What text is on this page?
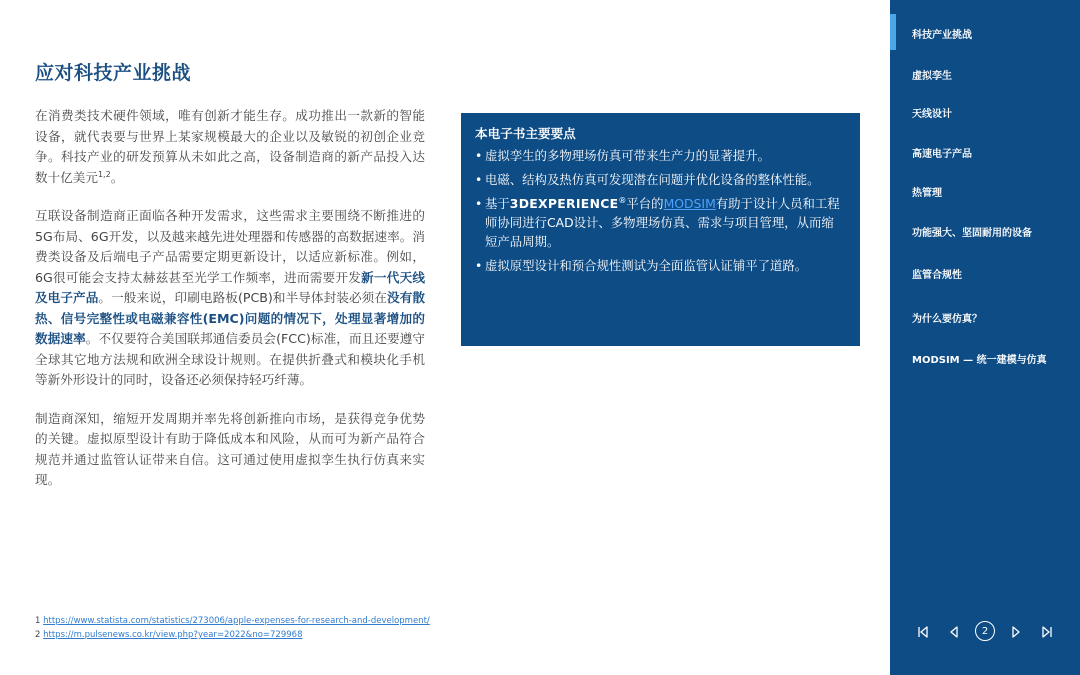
应对科技产业挑战

在消费类技术硬件领域，唯有创新才能生存。成功推出一款新的智能设备，就代表要与世界上某家规模最大的企业以及敏锐的初创企业竞争。科技产业的研发预算从未如此之高，设备制造商的新产品投入达数十亿美元$^{1,2}$。

互联设备制造商正面临各种开发需求，这些需求主要围绕不断推进的5G布局、6G开发，以及越来越先进处理器和传感器的高数据速率。消费类设备及后端电子产品需要定期更新设计，以适应新标准。例如，6G很可能会支持太赫兹甚至光学工作频率，进而需要开发新一代天线及电子产品。一般来说，印刷电路板(PCB)和半导体封装必须在没有散热、信号完整性或电磁兼容性(EMC)问题的情况下，处理显著增加的数据速率。不仅要符合美国联邦通信委员会(FCC)标准，而且还要遵守全球其它地方法规和欧洲全球设计规则。在提供折叠式和模块化手机等新外形设计的同时，设备还必须保持轻巧纤薄。

制造商深知，缩短开发周期并率先将创新推向市场，是获得竞争优势的关键。虚拟原型设计有助于降低成本和风险，从而可为新产品符合规范并通过监管认证带来自信。这可通过使用虚拟孪生执行仿真来实现。

本电子书主要要点
• 虚拟孪生的多物理场仿真可带来生产力的显著提升。
• 电磁、结构及热仿真可发现潜在问题并优化设备的整体性能。
• 基于3DEXPERIENCE®平台的MODSIM有助于设计人员和工程师协同进行CAD设计、多物理场仿真、需求与项目管理，从而缩短产品周期。
• 虚拟原型设计和预合规性测试为全面监管认证铺平了道路。
1 https://www.statista.com/statistics/273006/apple-expenses-for-research-and-development/
2 https://m.pulsenews.co.kr/view.php?year=2022&no=729968
科技产业挑战
虚拟孪生
天线设计
高速电子产品
热管理
功能强大、坚固耐用的设备
监管合规性
为什么要仿真？
MODSIM — 统一建模与仿真
2
